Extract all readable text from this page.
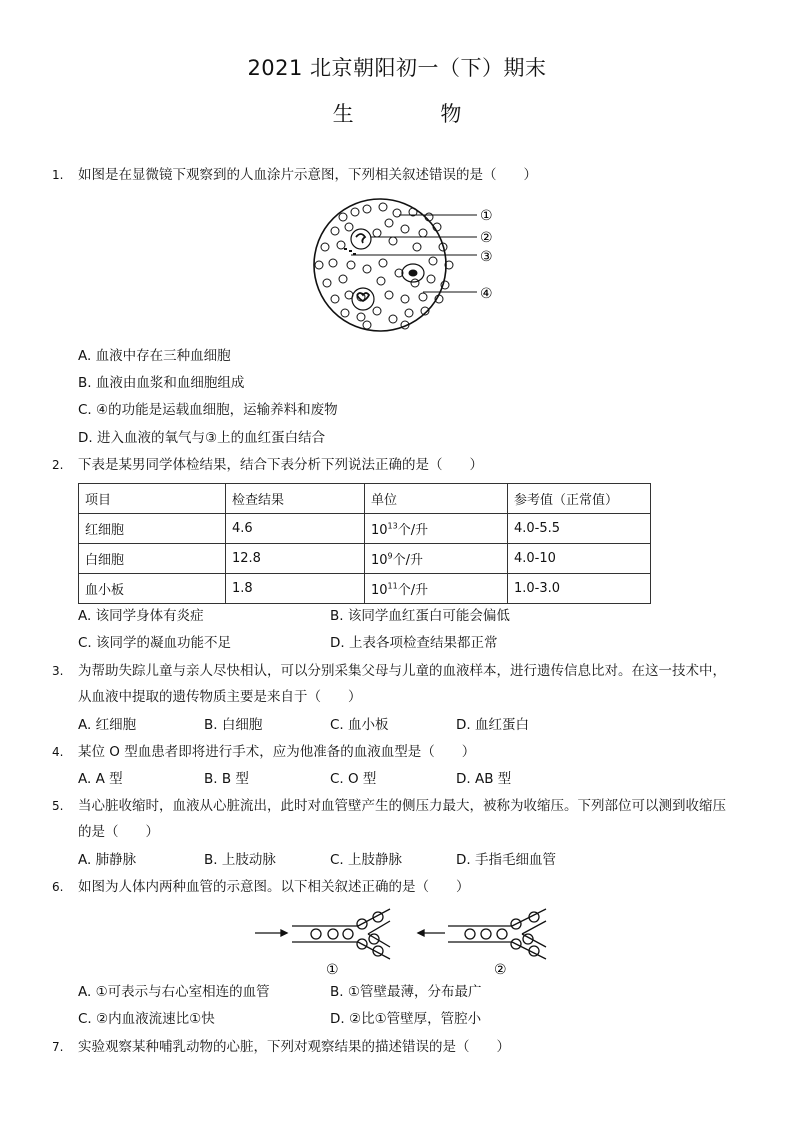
2021 北京朝阳初一（下）期末
生 物
1.	如图是在显微镜下观察到的人血涂片示意图，下列相关叙述错误的是（　　）
①
②
③
④
A. 血液中存在三种血细胞
B. 血液由血浆和血细胞组成
C. ④的功能是运载血细胞，运输养料和废物
D. 进入血液的氧气与③上的血红蛋白结合
2.	下表是某男同学体检结果，结合下表分析下列说法正确的是（　　）
项目	检查结果	单位	参考值（正常值）
红细胞	4.6	$10^{13}$个/升	4.0-5.5
白细胞	12.8	$10^9$个/升	4.0-10
血小板	1.8	$10^{11}$个/升	1.0-3.0
A. 该同学身体有炎症	B. 该同学血红蛋白可能会偏低
C. 该同学的凝血功能不足	D. 上表各项检查结果都正常
3.	为帮助失踪儿童与亲人尽快相认，可以分别采集父母与儿童的血液样本，进行遗传信息比对。在这一技术中，
从血液中提取的遗传物质主要是来自于（　　）
A. 红细胞	B. 白细胞	C. 血小板	D. 血红蛋白
4.	某位 O 型血患者即将进行手术，应为他准备的血液血型是（　　）
A. A 型	B. B 型	C. O 型	D. AB 型
5.	当心脏收缩时，血液从心脏流出，此时对血管壁产生的侧压力最大，被称为收缩压。下列部位可以测到收缩压
的是（　　）
A. 肺静脉	B. 上肢动脉	C. 上肢静脉	D. 手指毛细血管
6.	如图为人体内两种血管的示意图。以下相关叙述正确的是（　　）
①	②
A. ①可表示与右心室相连的血管	B. ①管壁最薄，分布最广
C. ②内血液流速比①快	D. ②比①管壁厚，管腔小
7.	实验观察某种哺乳动物的心脏，下列对观察结果的描述错误的是（　　）
